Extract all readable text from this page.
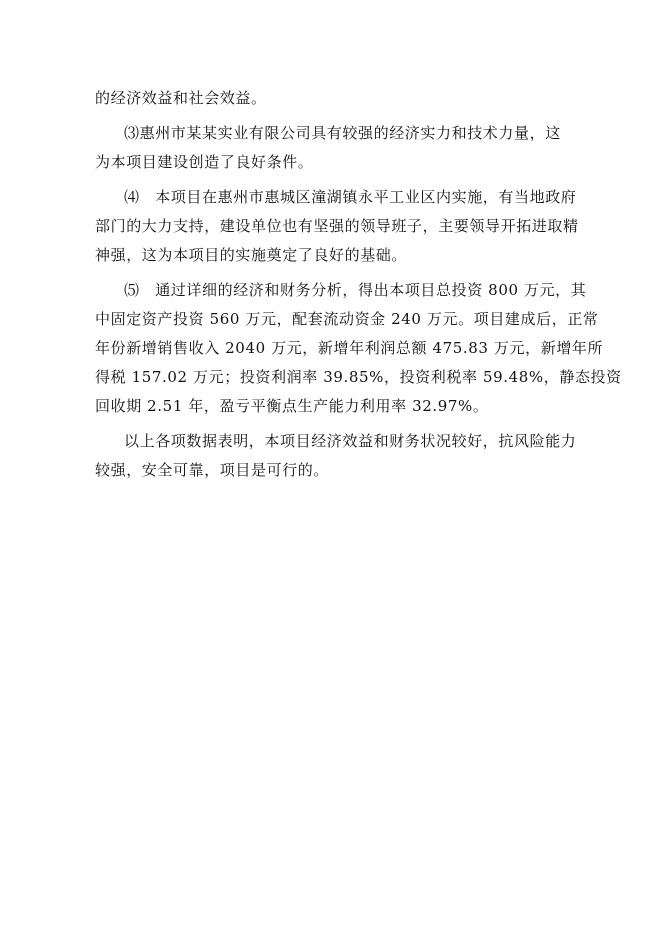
的经济效益和社会效益。
⑶惠州市某某实业有限公司具有较强的经济实力和技术力量，这
为本项目建设创造了良好条件。
⑷　本项目在惠州市惠城区潼湖镇永平工业区内实施，有当地政府
部门的大力支持，建设单位也有坚强的领导班子，主要领导开拓进取精
神强，这为本项目的实施奠定了良好的基础。
⑸　通过详细的经济和财务分析，得出本项目总投资 800 万元，其
中固定资产投资 560 万元，配套流动资金 240 万元。项目建成后，正常
年份新增销售收入 2040 万元，新增年利润总额 475.83 万元，新增年所
得税 157.02 万元；投资利润率 39.85%，投资利税率 59.48%，静态投资
回收期 2.51 年，盈亏平衡点生产能力利用率 32.97%。
以上各项数据表明，本项目经济效益和财务状况较好，抗风险能力
较强，安全可靠，项目是可行的。
